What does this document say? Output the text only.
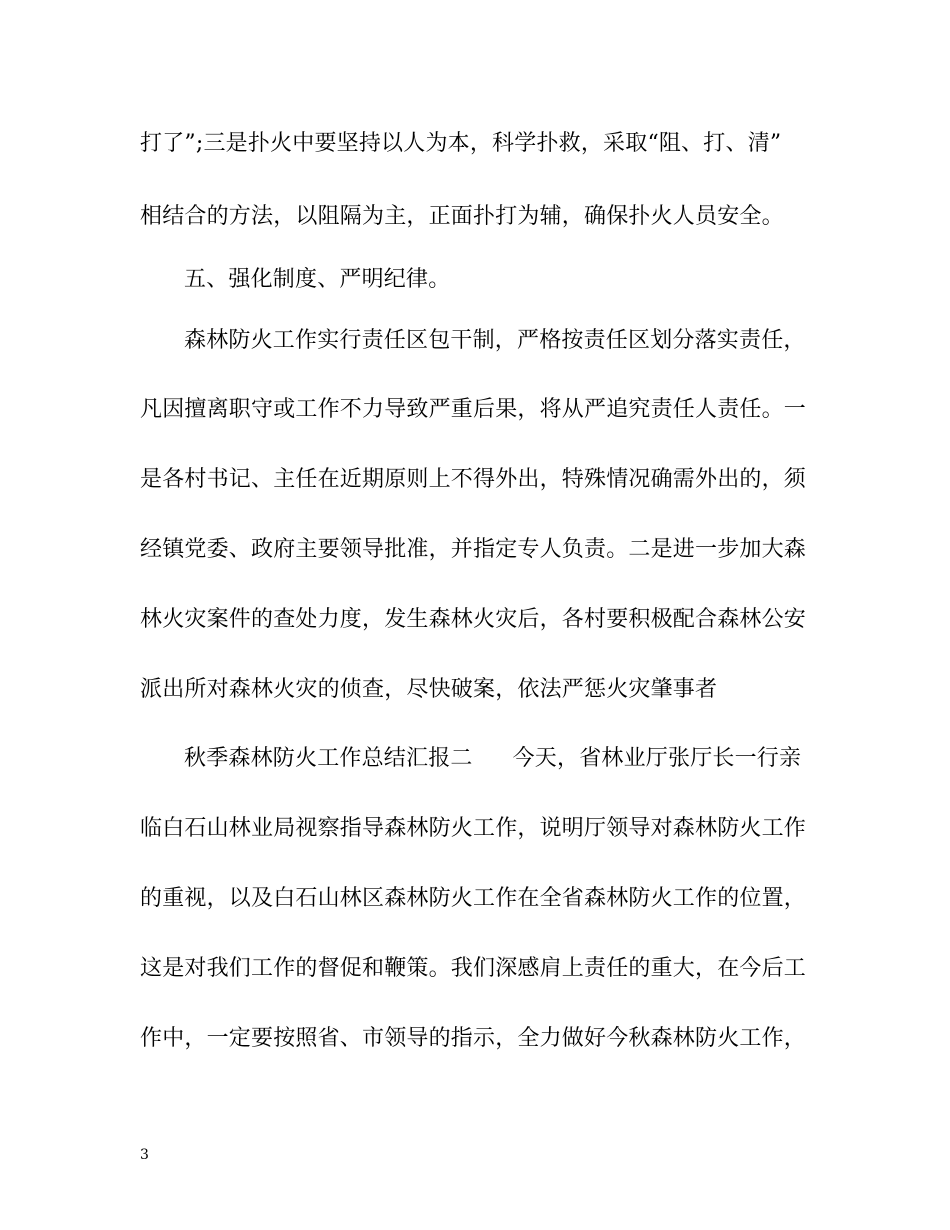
打了”;三是扑火中要坚持以人为本，科学扑救，采取“阻、打、清”
相结合的方法，以阻隔为主，正面扑打为辅，确保扑火人员安全。
五、强化制度、严明纪律。
森林防火工作实行责任区包干制，严格按责任区划分落实责任，
凡因擅离职守或工作不力导致严重后果，将从严追究责任人责任。一
是各村书记、主任在近期原则上不得外出，特殊情况确需外出的，须
经镇党委、政府主要领导批准，并指定专人负责。二是进一步加大森
林火灾案件的查处力度，发生森林火灾后，各村要积极配合森林公安
派出所对森林火灾的侦查，尽快破案，依法严惩火灾肇事者
秋季森林防火工作总结汇报二 今天，省林业厅张厅长一行亲
临白石山林业局视察指导森林防火工作，说明厅领导对森林防火工作
的重视，以及白石山林区森林防火工作在全省森林防火工作的位置，
这是对我们工作的督促和鞭策。我们深感肩上责任的重大，在今后工
作中，一定要按照省、市领导的指示，全力做好今秋森林防火工作，
3
